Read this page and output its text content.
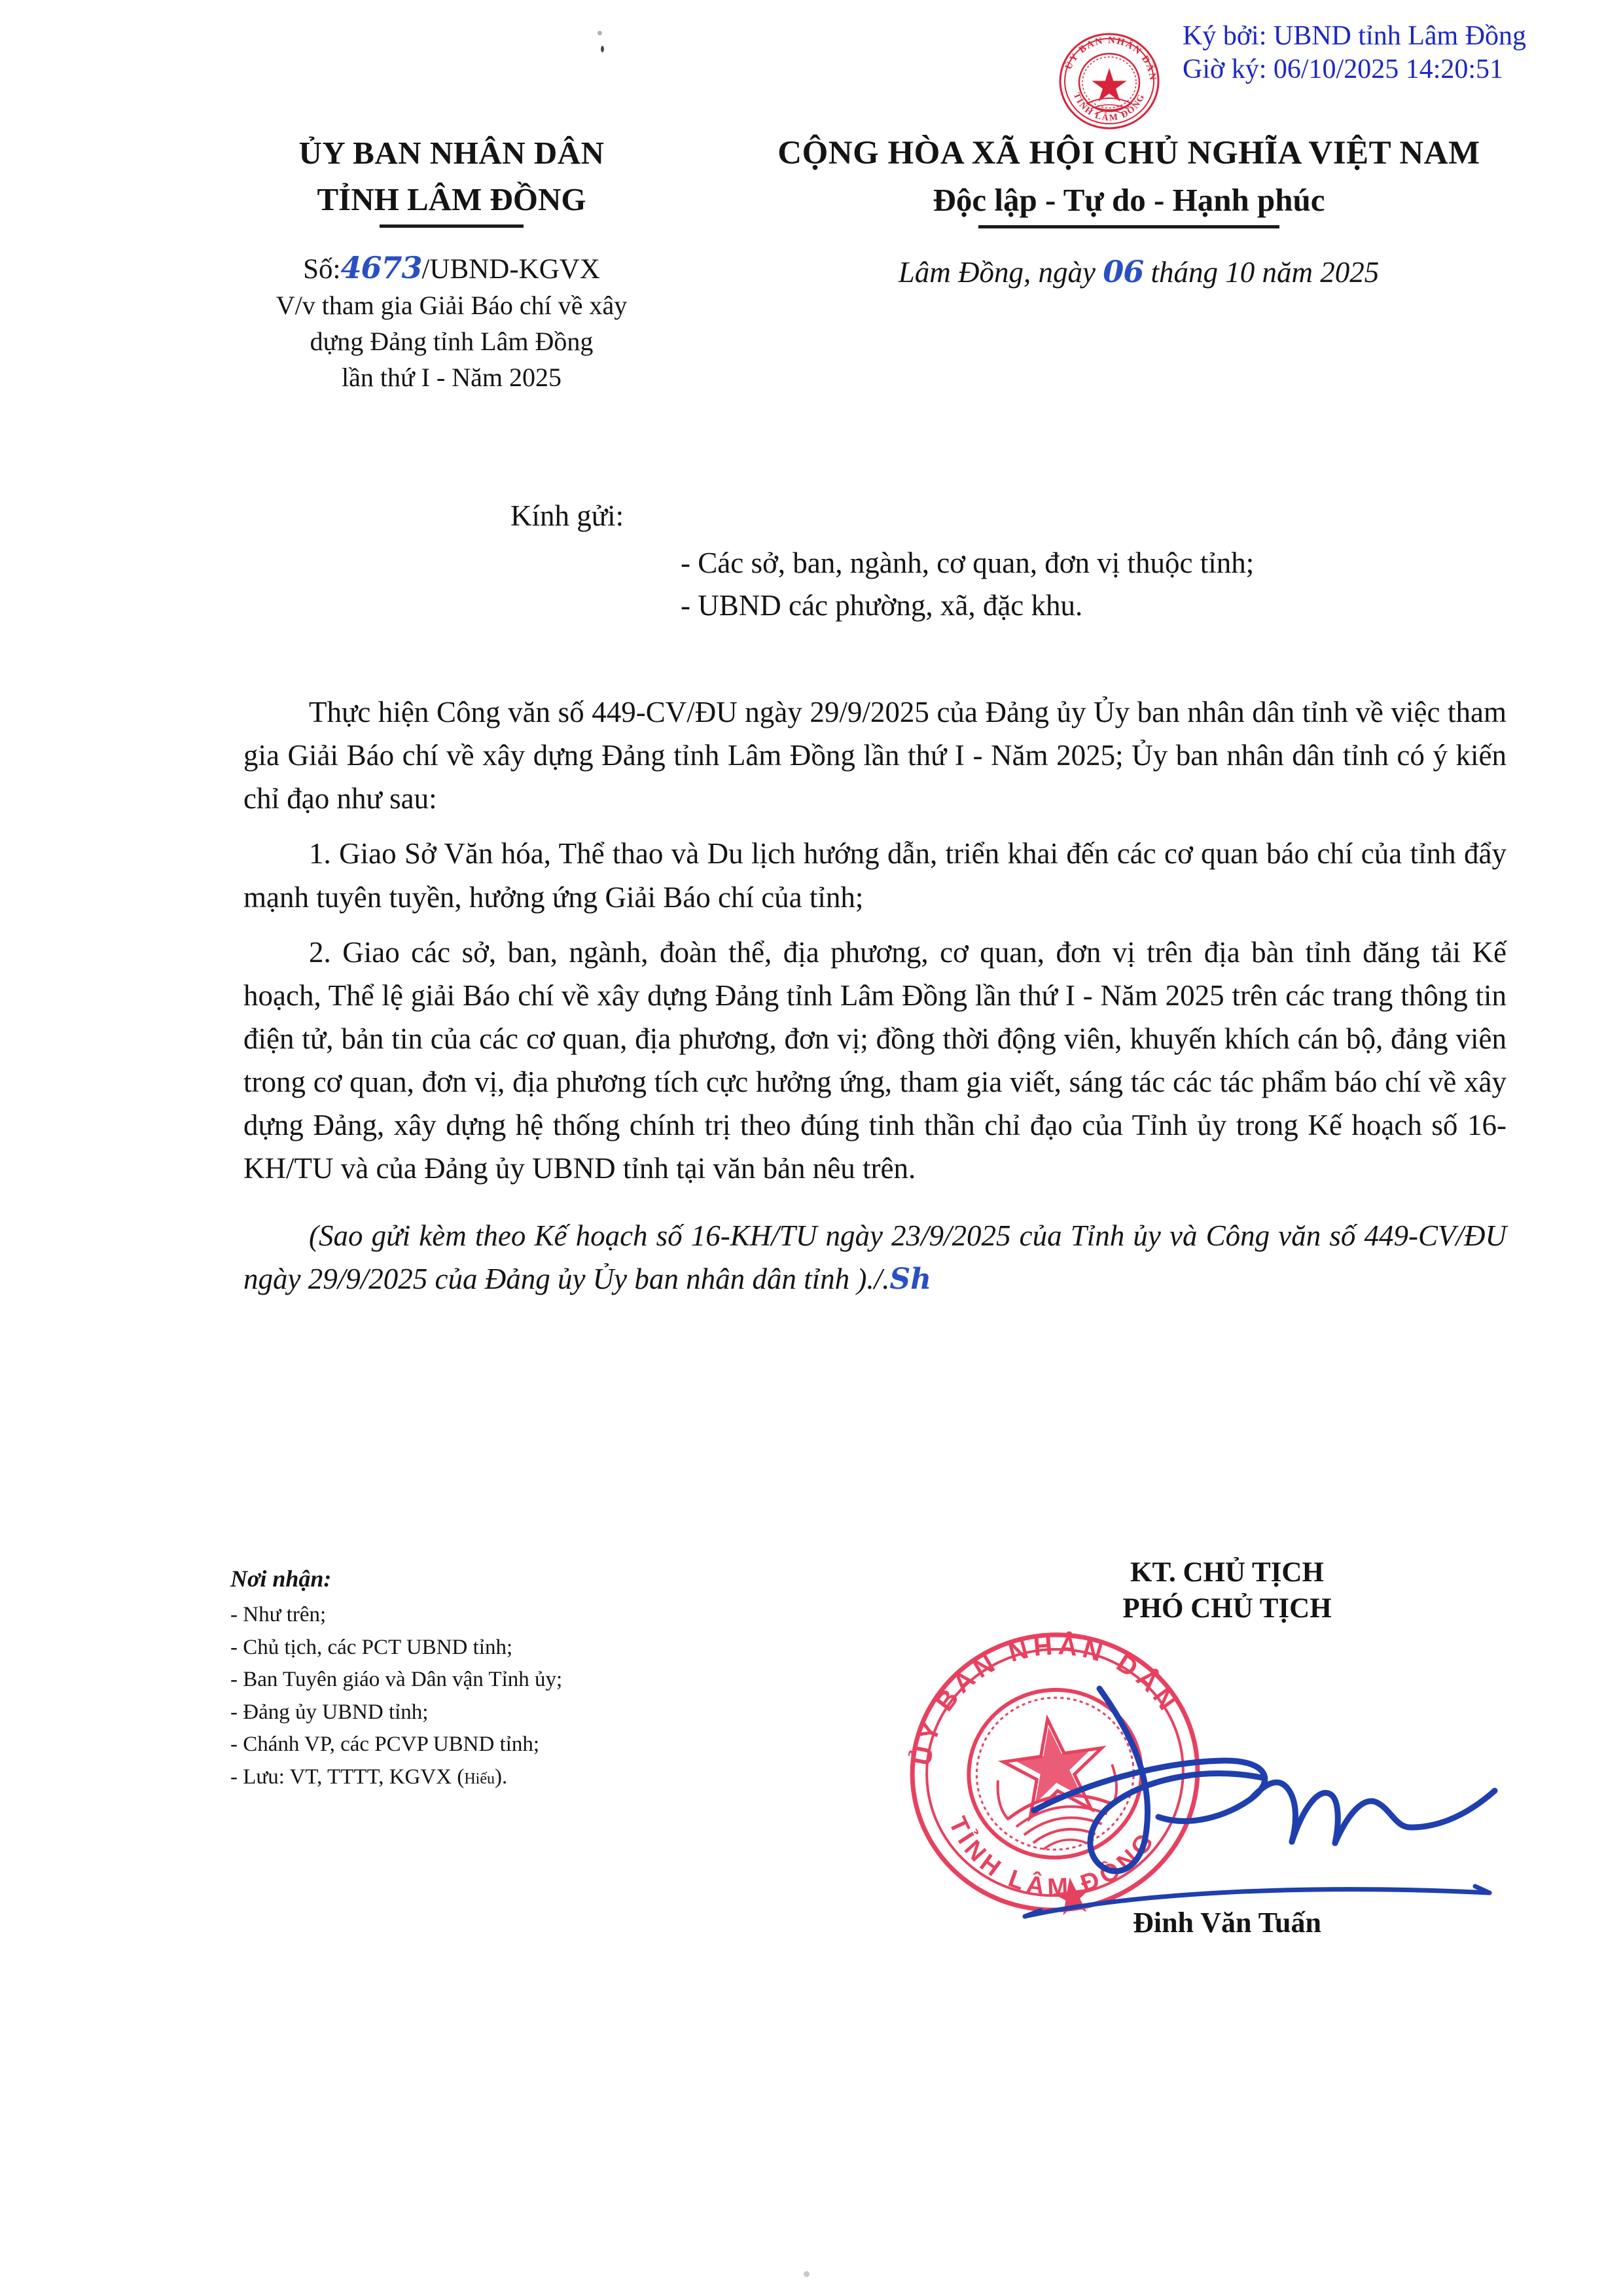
ỦY BAN NHÂN DÂN
TỈNH LÂM ĐỒNG
Ký bởi: UBND tỉnh Lâm Đồng
Giờ ký: 06/10/2025 14:20:51
ỦY BAN NHÂN DÂN
TỈNH LÂM ĐỒNG
CỘNG HÒA XÃ HỘI CHỦ NGHĨA VIỆT NAM
Độc lập - Tự do - Hạnh phúc
Số:4673/UBND-KGVX
V/v tham gia Giải Báo chí về xây
dựng Đảng tỉnh Lâm Đồng
lần thứ I - Năm 2025
Lâm Đồng, ngày 06 tháng 10 năm 2025
Kính gửi:
- Các sở, ban, ngành, cơ quan, đơn vị thuộc tỉnh;
- UBND các phường, xã, đặc khu.

Thực hiện Công văn số 449-CV/ĐU ngày 29/9/2025 của Đảng ủy Ủy ban nhân dân tỉnh về việc tham gia Giải Báo chí về xây dựng Đảng tỉnh Lâm Đồng lần thứ I - Năm 2025; Ủy ban nhân dân tỉnh có ý kiến chỉ đạo như sau:

1. Giao Sở Văn hóa, Thể thao và Du lịch hướng dẫn, triển khai đến các cơ quan báo chí của tỉnh đẩy mạnh tuyên tuyền, hưởng ứng Giải Báo chí của tỉnh;

2. Giao các sở, ban, ngành, đoàn thể, địa phương, cơ quan, đơn vị trên địa bàn tỉnh đăng tải Kế hoạch, Thể lệ giải Báo chí về xây dựng Đảng tỉnh Lâm Đồng lần thứ I - Năm 2025 trên các trang thông tin điện tử, bản tin của các cơ quan, địa phương, đơn vị; đồng thời động viên, khuyến khích cán bộ, đảng viên trong cơ quan, đơn vị, địa phương tích cực hưởng ứng, tham gia viết, sáng tác các tác phẩm báo chí về xây dựng Đảng, xây dựng hệ thống chính trị theo đúng tinh thần chỉ đạo của Tỉnh ủy trong Kế hoạch số 16-KH/TU và của Đảng ủy UBND tỉnh tại văn bản nêu trên.

(Sao gửi kèm theo Kế hoạch số 16-KH/TU ngày 23/9/2025 của Tỉnh ủy và Công văn số 449-CV/ĐU ngày 29/9/2025 của Đảng ủy Ủy ban nhân dân tỉnh )./.Sh

Nơi nhận:
- Như trên;
- Chủ tịch, các PCT UBND tỉnh;
- Ban Tuyên giáo và Dân vận Tỉnh ủy;
- Đảng ủy UBND tỉnh;
- Chánh VP, các PCVP UBND tỉnh;
- Lưu: VT, TTTT, KGVX (Hiếu).
KT. CHỦ TỊCH
PHÓ CHỦ TỊCH
ỦY BAN NHÂN DÂN
TỈNH LÂM ĐỒNG
Đinh Văn Tuấn
